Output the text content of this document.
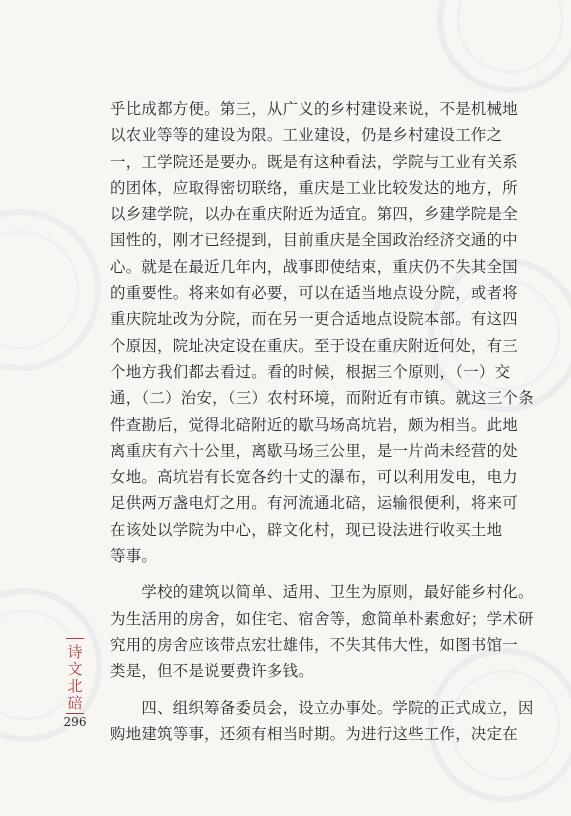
乎比成都方便。第三，从广义的乡村建设来说，不是机械地
以农业等等的建设为限。工业建设，仍是乡村建设工作之
一，工学院还是要办。既是有这种看法，学院与工业有关系
的团体，应取得密切联络，重庆是工业比较发达的地方，所
以乡建学院，以办在重庆附近为适宜。第四，乡建学院是全
国性的，刚才已经提到，目前重庆是全国政治经济交通的中
心。就是在最近几年内，战事即使结束，重庆仍不失其全国
的重要性。将来如有必要，可以在适当地点设分院，或者将
重庆院址改为分院，而在另一更合适地点设院本部。有这四
个原因，院址决定设在重庆。至于设在重庆附近何处，有三
个地方我们都去看过。看的时候，根据三个原则，（一）交
通，（二）治安，（三）农村环境，而附近有市镇。就这三个条
件查勘后，觉得北碚附近的歇马场高坑岩，颇为相当。此地
离重庆有六十公里，离歇马场三公里，是一片尚未经营的处
女地。高坑岩有长宽各约十丈的瀑布，可以利用发电，电力
足供两万盏电灯之用。有河流通北碚，运输很便利，将来可
在该处以学院为中心，辟文化村，现已设法进行收买土地
等事。
　　学校的建筑以简单、适用、卫生为原则，最好能乡村化。
为生活用的房舍，如住宅、宿舍等，愈简单朴素愈好；学术研
究用的房舍应该带点宏壮雄伟，不失其伟大性，如图书馆一
类是，但不是说要费许多钱。
　　四、组织筹备委员会，设立办事处。学院的正式成立，因
购地建筑等事，还须有相当时期。为进行这些工作，决定在
诗
文
北
碚
296
